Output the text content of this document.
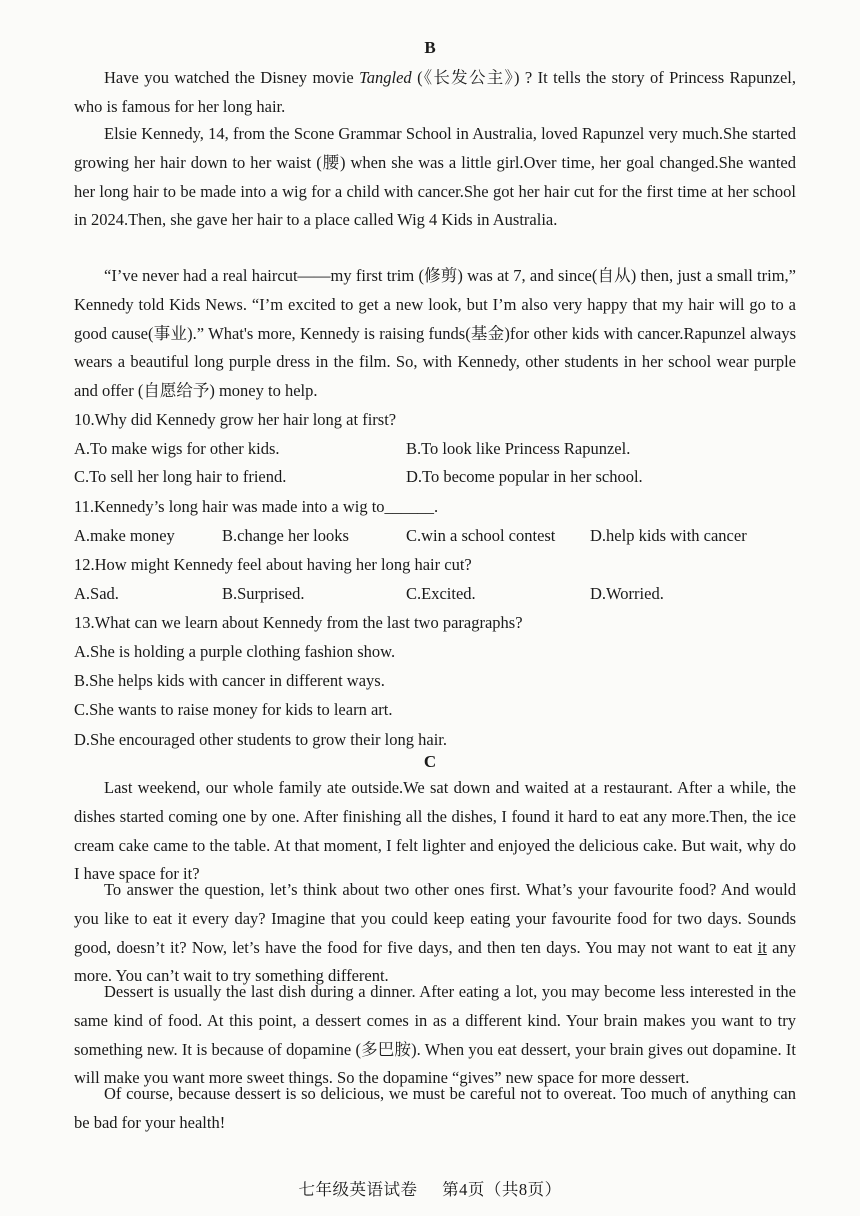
B

Have you watched the Disney movie Tangled (《长发公主》) ? It tells the story of Princess Rapunzel, who is famous for her long hair.

Elsie Kennedy, 14, from the Scone Grammar School in Australia, loved Rapunzel very much.She started growing her hair down to her waist (腰) when she was a little girl.Over time, her goal changed.She wanted her long hair to be made into a wig for a child with cancer.She got her hair cut for the first time at her school in 2024.Then, she gave her hair to a place called Wig 4 Kids in Australia.

“I’ve never had a real haircut——my first trim (修剪) was at 7, and since(自从) then, just a small trim,” Kennedy told Kids News. “I’m excited to get a new look, but I’m also very happy that my hair will go to a good cause(事业).” What's more, Kennedy is raising funds(基金)for other kids with cancer.Rapunzel always wears a beautiful long purple dress in the film. So, with Kennedy, other students in her school wear purple and offer (自愿给予) money to help.

10.Why did Kennedy grow her hair long at first?
A.To make wigs for other kids.	B.To look like Princess Rapunzel.
C.To sell her long hair to friend.	D.To become popular in her school.
11.Kennedy’s long hair was made into a wig to______.
A.make money	B.change her looks	C.win a school contest D.help kids with cancer
12.How might Kennedy feel about having her long hair cut?
A.Sad.	B.Surprised.	C.Excited.	D.Worried.
13.What can we learn about Kennedy from the last two paragraphs?
A.She is holding a purple clothing fashion show.
B.She helps kids with cancer in different ways.
C.She wants to raise money for kids to learn art.
D.She encouraged other students to grow their long hair.
C

Last weekend, our whole family ate outside.We sat down and waited at a restaurant. After a while, the dishes started coming one by one. After finishing all the dishes, I found it hard to eat any more.Then, the ice cream cake came to the table. At that moment, I felt lighter and enjoyed the delicious cake. But wait, why do I have space for it?

To answer the question, let’s think about two other ones first. What’s your favourite food? And would you like to eat it every day? Imagine that you could keep eating your favourite food for two days. Sounds good, doesn’t it? Now, let’s have the food for five days, and then ten days. You may not want to eat it any more. You can’t wait to try something different.

Dessert is usually the last dish during a dinner. After eating a lot, you may become less interested in the same kind of food. At this point, a dessert comes in as a different kind. Your brain makes you want to try something new. It is because of dopamine (多巴胺). When you eat dessert, your brain gives out dopamine. It will make you want more sweet things. So the dopamine “gives” new space for more dessert.

Of course, because dessert is so delicious, we must be careful not to overeat. Too much of anything can be bad for your health!

七年级英语试卷 第4页（共8页）
